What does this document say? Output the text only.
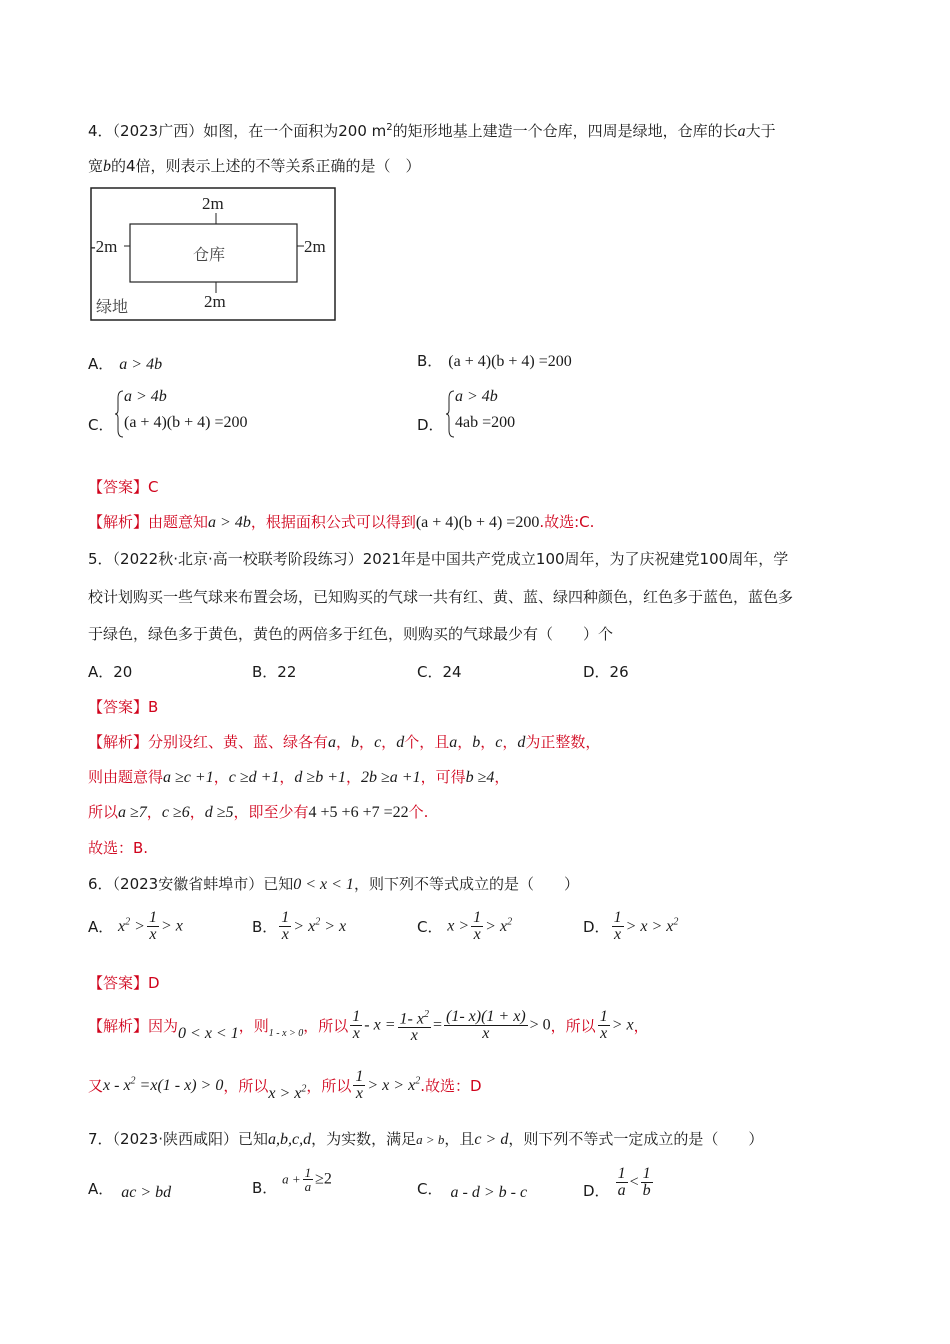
4．（2023广西）如图，在一个面积为200 $m^2$的矩形地基上建造一个仓库，四周是绿地，仓库的长a大于
宽b的4倍，则表示上述的不等关系正确的是（　）
2m
-2m	2m
2m
仓库
绿地
A． a > 4b	B． (a + 4)(b + 4) =200
C．
a > 4b
(a + 4)(b + 4) =200	D．
a > 4b
4ab =200
【答案】C
【解析】由题意知a > 4b，根据面积公式可以得到(a + 4)(b + 4) =200.故选:C.
5．（2022秋·北京·高一校联考阶段练习）2021年是中国共产党成立100周年，为了庆祝建党100周年，学
校计划购买一些气球来布置会场，已知购买的气球一共有红、黄、蓝、绿四种颜色，红色多于蓝色，蓝色多
于绿色，绿色多于黄色，黄色的两倍多于红色，则购买的气球最少有（　　）个
A．20	B．22	C．24	D．26
【答案】B
【解析】分别设红、黄、蓝、绿各有a，b，c，d个，且a，b，c，d为正整数，
则由题意得a ≥c +1，c ≥d +1，d ≥b +1，2b ≥a +1，可得b ≥4，
所以a ≥7，c ≥6，d ≥5，即至少有4 +5 +6 +7 =22个.
故选：B.
6．（2023安徽省蚌埠市）已知0 < x < 1，则下列不等式成立的是（　　）
A． $x^2 > \frac{1}{x} > x$	B． $\frac{1}{x} > x^2 > x$	C． $x > \frac{1}{x} > x^2$	D． $\frac{1}{x} > x > x^2$
【答案】D
【解析】因为0 < x < 1，则$_{1 - x > 0}$，所以 $\frac{1}{x} - x = \frac{1- x^2}{x} = \frac{(1- x)(1 + x)}{x} > 0$，所以 $\frac{1}{x} > x$，
又$x - x^2 =x(1 - x) > 0$，所以$x > x^2$，所以 $\frac{1}{x} > x > x^2$.故选：D
7．（2023·陕西咸阳）已知a,b,c,d，为实数，满足a > b，且c > d，则下列不等式一定成立的是（　　）
A． ac > bd	B． $a + \frac{1}{a} \ge 2$
C． a - d > b - c	D． $\frac{1}{a} < \frac{1}{b}$
